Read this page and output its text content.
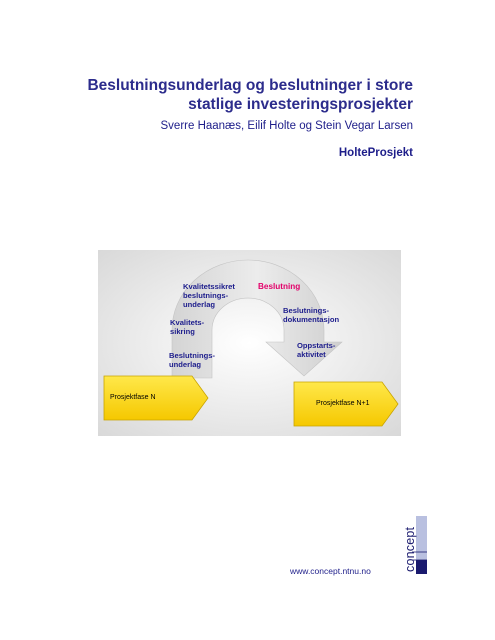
Beslutningsunderlag og beslutninger i store
statlige investeringsprosjekter
Sverre Haanæs, Eilif Holte og Stein Vegar Larsen
HolteProsjekt
Kvalitetssikret
beslutnings-
underlag
Kvalitets-
sikring
Beslutnings-
underlag
Beslutning
Beslutnings-
dokumentasjon
Oppstarts-
aktivitet
Prosjektfase N
Prosjektfase N+1
www.concept.ntnu.no	concept
